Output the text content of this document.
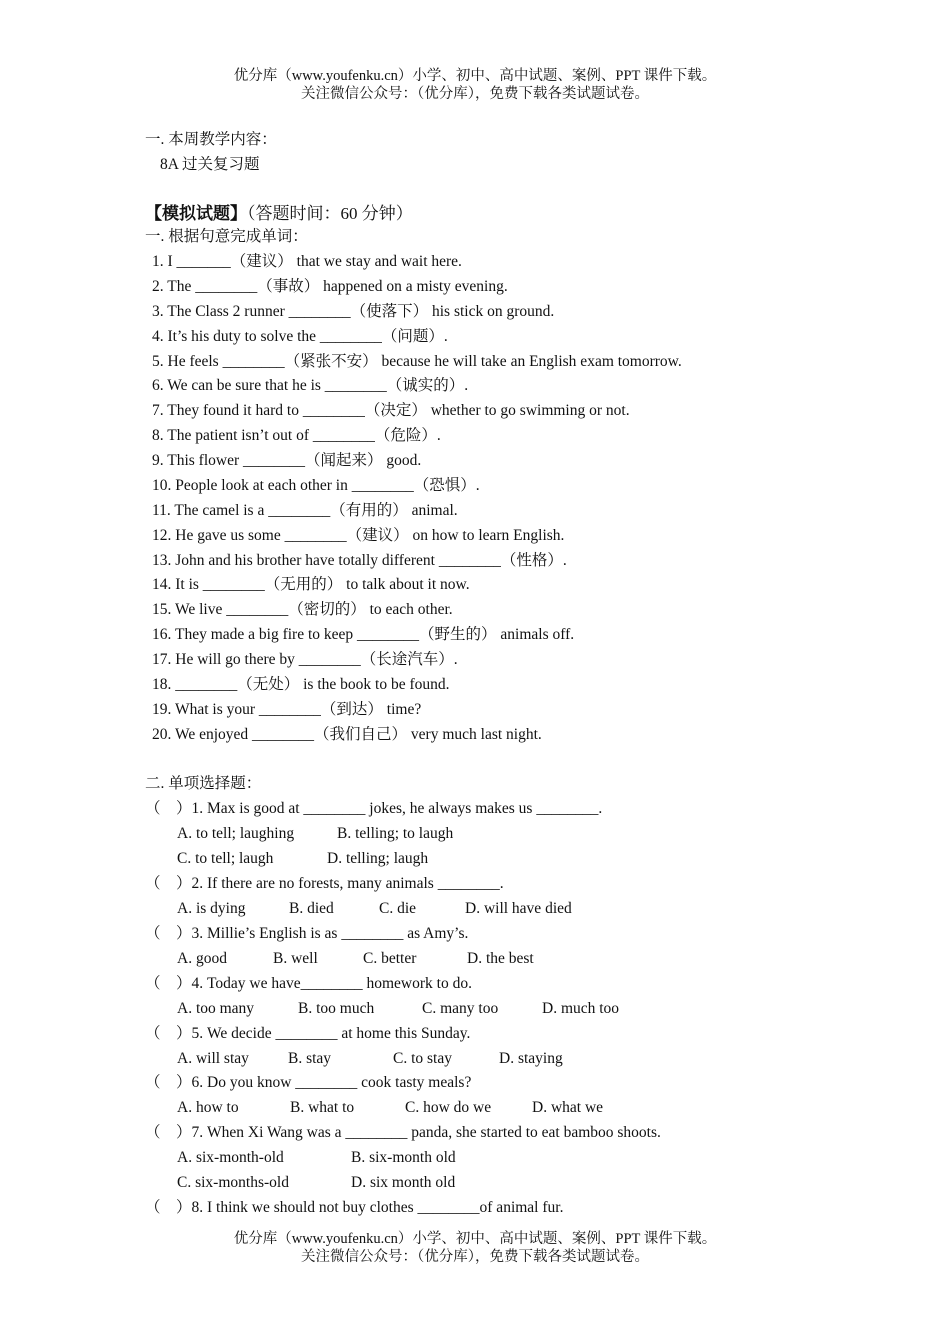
优分库（www.youfenku.cn）小学、初中、高中试题、案例、PPT 课件下载。
关注微信公众号：（优分库），免费下载各类试题试卷。
一. 本周教学内容：
8A 过关复习题
【模拟试题】（答题时间：60 分钟）
一. 根据句意完成单词：
1. I _______（建议） that we stay and wait here.
2. The ________（事故） happened on a misty evening.
3. The Class 2 runner ________（使落下） his stick on ground.
4. It’s his duty to solve the ________（问题）.
5. He feels ________（紧张不安） because he will take an English exam tomorrow.
6. We can be sure that he is ________（诚实的）.
7. They found it hard to ________（决定） whether to go swimming or not.
8. The patient isn’t out of ________（危险）.
9. This flower ________（闻起来） good.
10. People look at each other in ________（恐惧）.
11. The camel is a ________（有用的） animal.
12. He gave us some ________（建议） on how to learn English.
13. John and his brother have totally different ________（性格）.
14. It is ________（无用的） to talk about it now.
15. We live ________（密切的） to each other.
16. They made a big fire to keep ________（野生的） animals off.
17. He will go there by ________（长途汽车）.
18. ________（无处） is the book to be found.
19. What is your ________（到达） time?
20. We enjoyed ________（我们自己） very much last night.
二. 单项选择题：
（　）1. Max is good at ________ jokes, he always makes us ________.
A. to tell; laughing	B. telling; to laugh
C. to tell; laugh	D. telling; laugh
（　）2. If there are no forests, many animals ________.
A. is dying	B. died	C. die	D. will have died
（　）3. Millie’s English is as ________ as Amy’s.
A. good	B. well	C. better	D. the best
（　）4. Today we have________ homework to do.
A. too many	B. too much	C. many too	D. much too
（　）5. We decide ________ at home this Sunday.
A. will stay	B. stay	C. to stay	D. staying
（　）6. Do you know ________ cook tasty meals?
A. how to	B. what to	C. how do we	D. what we
（　）7. When Xi Wang was a ________ panda, she started to eat bamboo shoots.
A. six-month-old	B. six-month old
C. six-months-old	D. six month old
（　）8. I think we should not buy clothes ________of animal fur.
优分库（www.youfenku.cn）小学、初中、高中试题、案例、PPT 课件下载。
关注微信公众号：（优分库），免费下载各类试题试卷。
